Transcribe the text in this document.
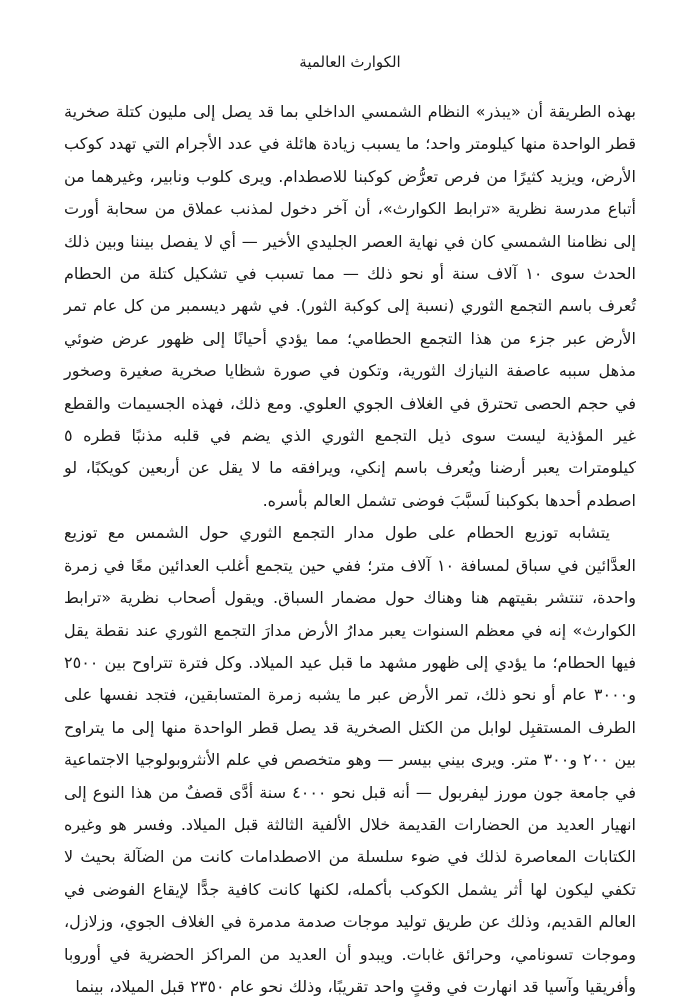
الكوارث العالمية

بهذه الطريقة أن «يبذر» النظام الشمسي الداخلي بما قد يصل إلى مليون كتلة صخرية قطر الواحدة منها كيلومتر واحد؛ ما يسبب زيادة هائلة في عدد الأجرام التي تهدد كوكب الأرض، ويزيد كثيرًا من فرص تعرُّض كوكبنا للاصطدام. ويرى كلوب ونابير، وغيرهما من أتباع مدرسة نظرية «ترابط الكوارث»، أن آخر دخول لمذنب عملاق من سحابة أورت إلى نظامنا الشمسي كان في نهاية العصر الجليدي الأخير — أي لا يفصل بيننا وبين ذلك الحدث سوى ١٠ آلاف سنة أو نحو ذلك — مما تسبب في تشكيل كتلة من الحطام تُعرف باسم التجمع الثوري (نسبة إلى كوكبة الثور). في شهر ديسمبر من كل عام تمر الأرض عبر جزء من هذا التجمع الحطامي؛ مما يؤدي أحيانًا إلى ظهور عرض ضوئي مذهل سببه عاصفة النيازك الثورية، وتكون في صورة شظايا صخرية صغيرة وصخور في حجم الحصى تحترق في الغلاف الجوي العلوي. ومع ذلك، فهذه الجسيمات والقطع غير المؤذية ليست سوى ذيل التجمع الثوري الذي يضم في قلبه مذنبًا قطره ٥ كيلومترات يعبر أرضنا ويُعرف باسم إنكي، ويرافقه ما لا يقل عن أربعين كويكبًا، لو اصطدم أحدها بكوكبنا لَسبَّبَ فوضى تشمل العالم بأسره.

يتشابه توزيع الحطام على طول مدار التجمع الثوري حول الشمس مع توزيع العدَّائين في سباق لمسافة ١٠ آلاف متر؛ ففي حين يتجمع أغلب العدائين معًا في زمرة واحدة، تنتشر بقيتهم هنا وهناك حول مضمار السباق. ويقول أصحاب نظرية «ترابط الكوارث» إنه في معظم السنوات يعبر مدارُ الأرض مدارَ التجمع الثوري عند نقطة يقل فيها الحطام؛ ما يؤدي إلى ظهور مشهد ما قبل عيد الميلاد. وكل فترة تتراوح بين ٢٥٠٠ و٣٠٠٠ عام أو نحو ذلك، تمر الأرض عبر ما يشبه زمرة المتسابقين، فتجد نفسها على الطرف المستقبِل لوابل من الكتل الصخرية قد يصل قطر الواحدة منها إلى ما يتراوح بين ٢٠٠ و٣٠٠ متر. ويرى بيني بيسر — وهو متخصص في علم الأنثروبولوجيا الاجتماعية في جامعة جون مورز ليفربول — أنه قبل نحو ٤٠٠٠ سنة أدَّى قصفٌ من هذا النوع إلى انهيار العديد من الحضارات القديمة خلال الألفية الثالثة قبل الميلاد. وفسر هو وغيره الكتابات المعاصرة لذلك في ضوء سلسلة من الاصطدامات كانت من الضآلة بحيث لا تكفي ليكون لها أثر يشمل الكوكب بأكمله، لكنها كانت كافية جدًّا لإيقاع الفوضى في العالم القديم، وذلك عن طريق توليد موجات صدمة مدمرة في الغلاف الجوي، وزلازل، وموجات تسونامي، وحرائق غابات. ويبدو أن العديد من المراكز الحضرية في أوروبا وأفريقيا وآسيا قد انهارت في وقتٍ واحد تقريبًا، وذلك نحو عام ٢٣٥٠ قبل الميلاد، بينما
